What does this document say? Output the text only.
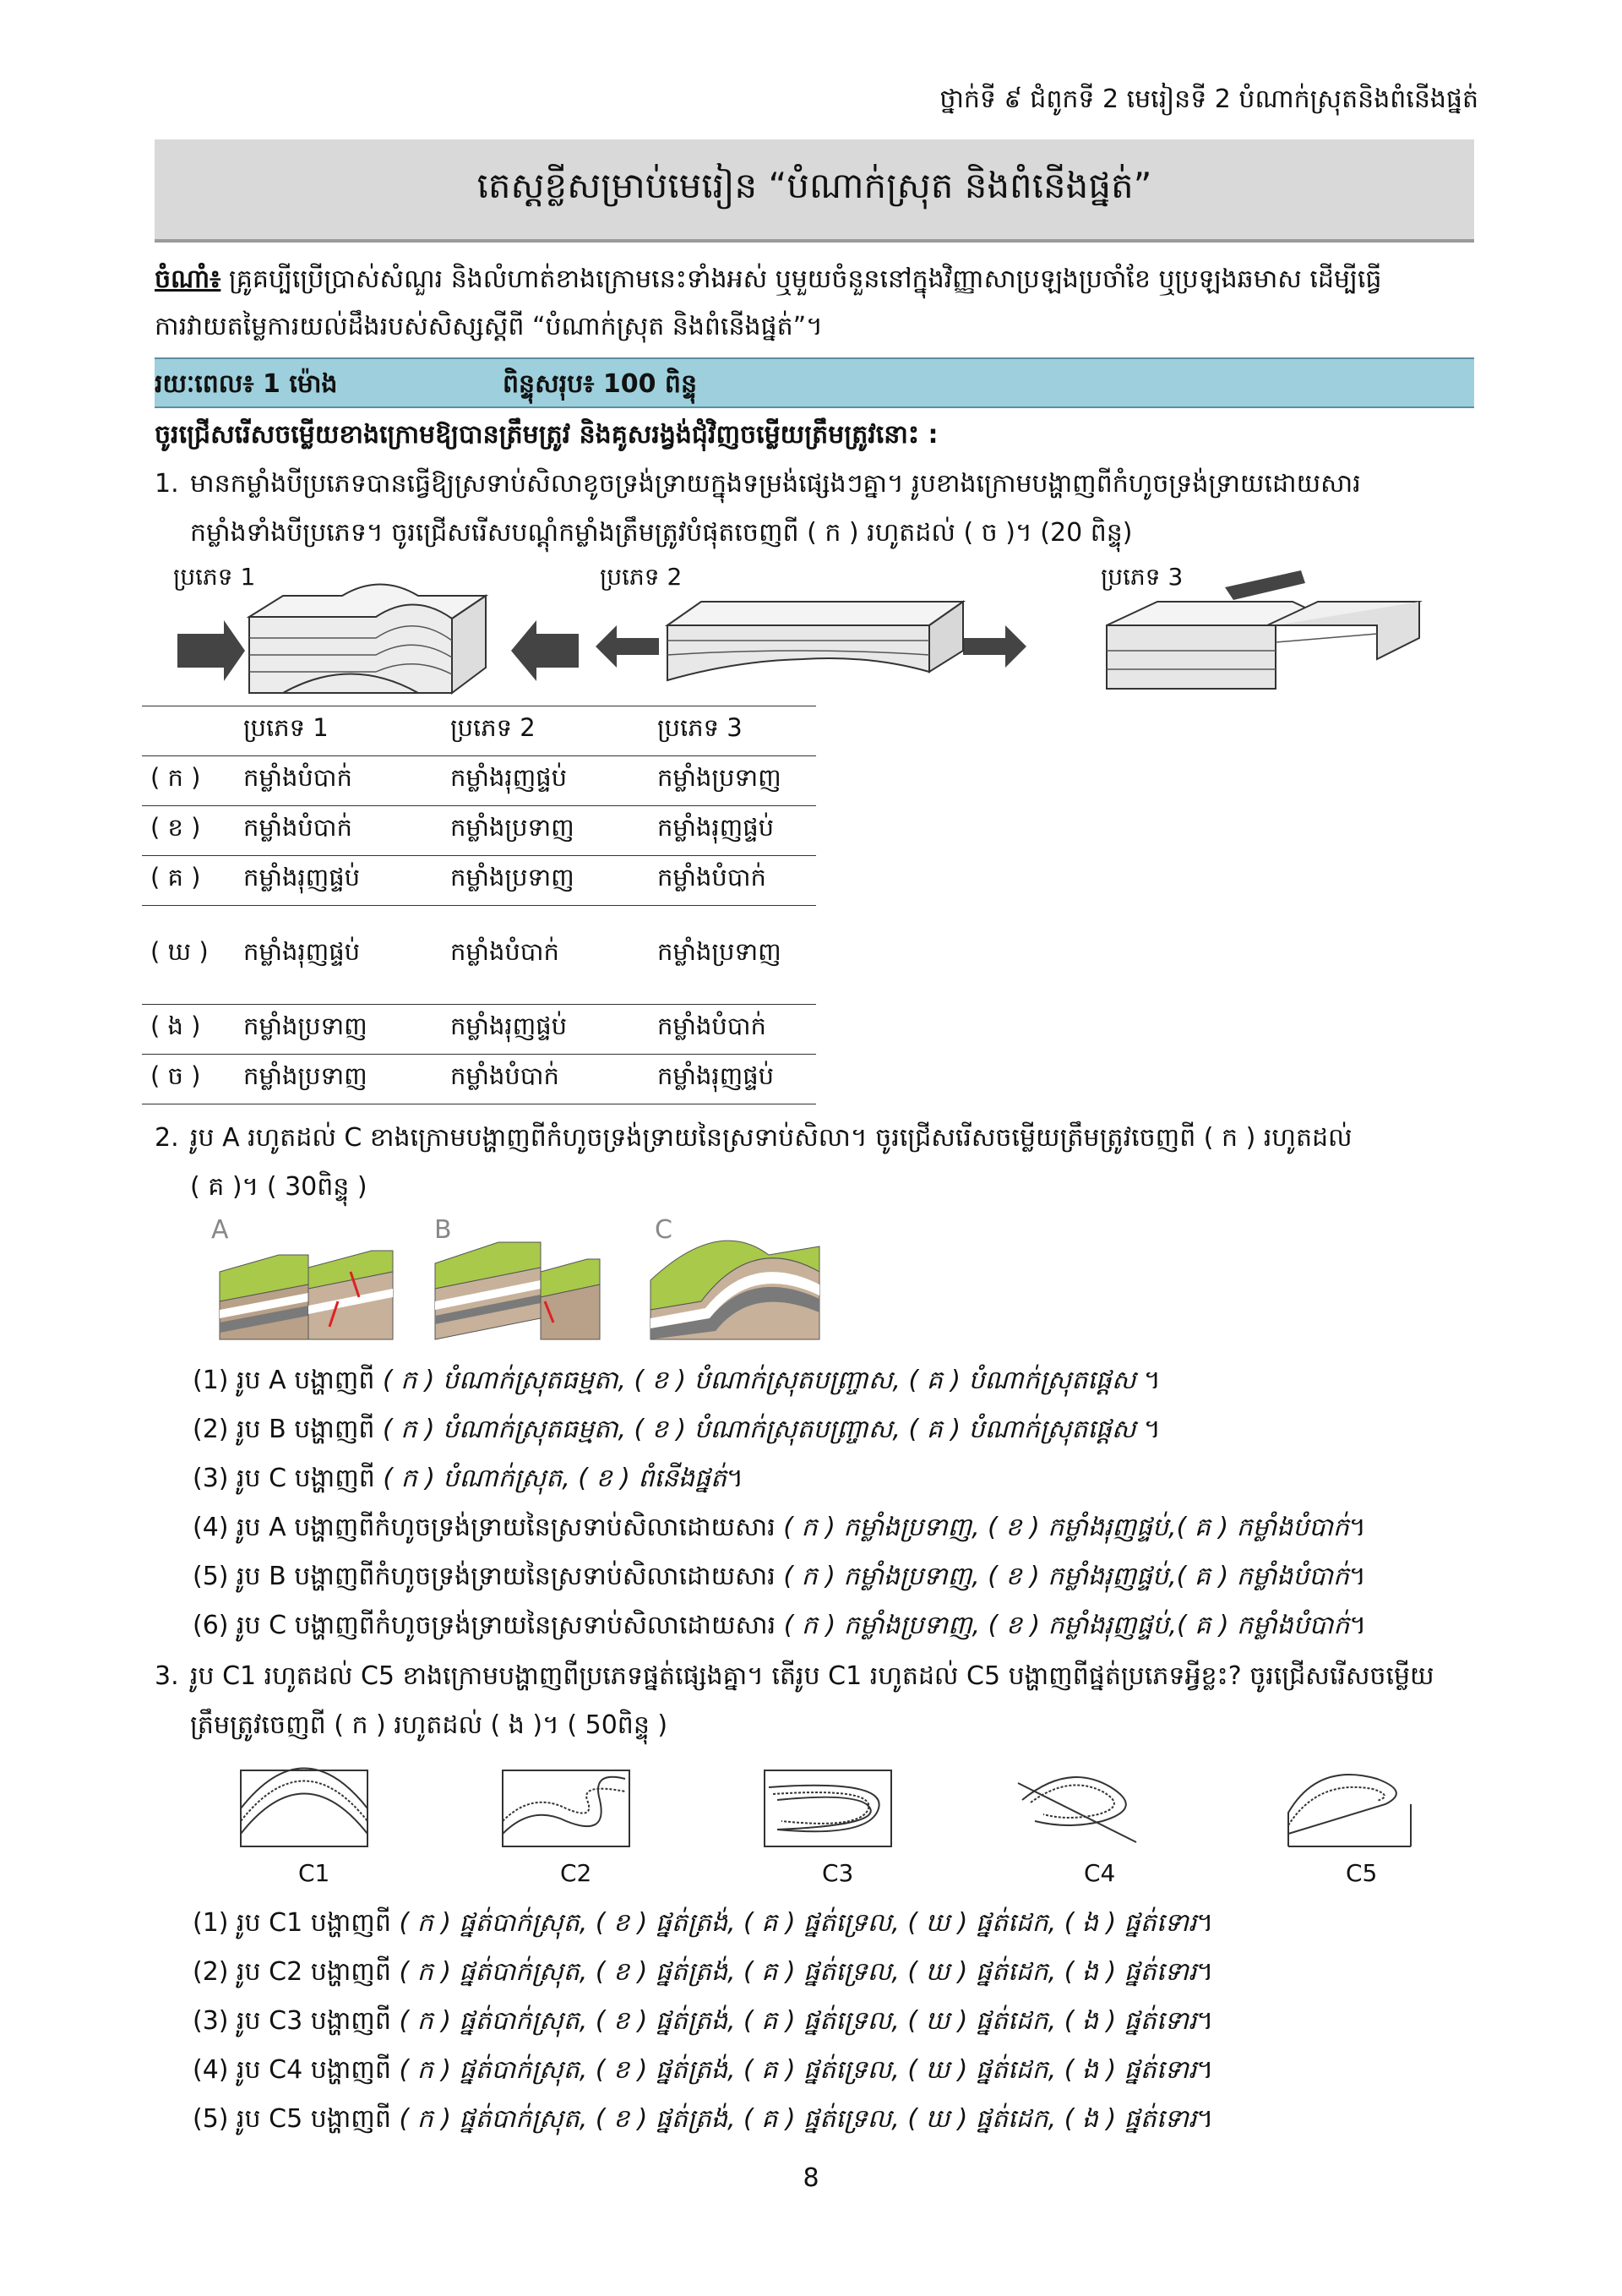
ថ្នាក់ទី ៩ ជំពូកទី 2 មេរៀនទី 2 បំណាក់ស្រុតនិងពំនើងផ្នត់
តេស្តខ្លីសម្រាប់មេរៀន “បំណាក់ស្រុត និងពំនើងផ្នត់”
ចំណាំ៖ គ្រូគប្បីប្រើប្រាស់សំណួរ និងលំហាត់ខាងក្រោមនេះទាំងអស់ ឬមួយចំនួននៅក្នុងវិញ្ញាសាប្រឡងប្រចាំខែ ឬប្រឡងឆមាស ដើម្បីធ្វើ
ការវាយតម្លៃការយល់ដឹងរបស់សិស្សស្ដីពី “បំណាក់ស្រុត និងពំនើងផ្នត់”។
រយៈពេល៖ 1 ម៉ោង	ពិន្ទុសរុប៖ 100 ពិន្ទុ
ចូរជ្រើសរើសចម្លើយខាងក្រោមឱ្យបានត្រឹមត្រូវ និងគូសរង្វង់ជុំវិញចម្លើយត្រឹមត្រូវនោះ :
1. មានកម្លាំងបីប្រភេទបានធ្វើឱ្យស្រទាប់សិលាខូចទ្រង់ទ្រាយក្នុងទម្រង់ផ្សេងៗគ្នា។ រូបខាងក្រោមបង្ហាញពីកំហូចទ្រង់ទ្រាយដោយសារ
កម្លាំងទាំងបីប្រភេទ។ ចូរជ្រើសរើសបណ្ដុំកម្លាំងត្រឹមត្រូវបំផុតចេញពី ( ក ) រហូតដល់ ( ច )។ (20 ពិន្ទុ)
ប្រភេទ 1	ប្រភេទ 2	ប្រភេទ 3
	ប្រភេទ 1	ប្រភេទ 2	ប្រភេទ 3
( ក )	កម្លាំងបំបាក់	កម្លាំងរុញផ្ទប់	កម្លាំងប្រទាញ
( ខ )	កម្លាំងបំបាក់	កម្លាំងប្រទាញ	កម្លាំងរុញផ្ទប់
( គ )	កម្លាំងរុញផ្ទប់	កម្លាំងប្រទាញ	កម្លាំងបំបាក់
( ឃ )	កម្លាំងរុញផ្ទប់	កម្លាំងបំបាក់	កម្លាំងប្រទាញ
( ង )	កម្លាំងប្រទាញ	កម្លាំងរុញផ្ទប់	កម្លាំងបំបាក់
( ច )	កម្លាំងប្រទាញ	កម្លាំងបំបាក់	កម្លាំងរុញផ្ទប់
2. រូប A រហូតដល់ C ខាងក្រោមបង្ហាញពីកំហូចទ្រង់ទ្រាយនៃស្រទាប់សិលា។ ចូរជ្រើសរើសចម្លើយត្រឹមត្រូវចេញពី ( ក ) រហូតដល់
( គ )។ ( 30ពិន្ទុ )
A	B	C
(1) រូប A បង្ហាញពី ( ក ) បំណាក់ស្រុតធម្មតា, ( ខ ) បំណាក់ស្រុតបញ្ច្រាស, ( គ ) បំណាក់ស្រុតផ្ដេស ។
(2) រូប B បង្ហាញពី ( ក ) បំណាក់ស្រុតធម្មតា, ( ខ ) បំណាក់ស្រុតបញ្ច្រាស, ( គ ) បំណាក់ស្រុតផ្ដេស ។
(3) រូប C បង្ហាញពី ( ក ) បំណាក់ស្រុត, ( ខ ) ពំនើងផ្នត់។
(4) រូប A បង្ហាញពីកំហូចទ្រង់ទ្រាយនៃស្រទាប់សិលាដោយសារ ( ក ) កម្លាំងប្រទាញ, ( ខ ) កម្លាំងរុញផ្ទប់,( គ ) កម្លាំងបំបាក់។
(5) រូប B បង្ហាញពីកំហូចទ្រង់ទ្រាយនៃស្រទាប់សិលាដោយសារ ( ក ) កម្លាំងប្រទាញ, ( ខ ) កម្លាំងរុញផ្ទប់,( គ ) កម្លាំងបំបាក់។
(6) រូប C បង្ហាញពីកំហូចទ្រង់ទ្រាយនៃស្រទាប់សិលាដោយសារ ( ក ) កម្លាំងប្រទាញ, ( ខ ) កម្លាំងរុញផ្ទប់,( គ ) កម្លាំងបំបាក់។
3. រូប C1 រហូតដល់ C5 ខាងក្រោមបង្ហាញពីប្រភេទផ្នត់ផ្សេងគ្នា។ តើរូប C1 រហូតដល់ C5 បង្ហាញពីផ្នត់ប្រភេទអ្វីខ្លះ? ចូរជ្រើសរើសចម្លើយ
ត្រឹមត្រូវចេញពី ( ក ) រហូតដល់ ( ង )។ ( 50ពិន្ទុ )
C1	C2	C3	C4	C5
(1) រូប C1 បង្ហាញពី ( ក ) ផ្នត់បាក់ស្រុត, ( ខ ) ផ្នត់ត្រង់, ( គ ) ផ្នត់ទ្រេល, ( ឃ ) ផ្នត់ដេក, ( ង ) ផ្នត់ទោរ។
(2) រូប C2 បង្ហាញពី ( ក ) ផ្នត់បាក់ស្រុត, ( ខ ) ផ្នត់ត្រង់, ( គ ) ផ្នត់ទ្រេល, ( ឃ ) ផ្នត់ដេក, ( ង ) ផ្នត់ទោរ។
(3) រូប C3 បង្ហាញពី ( ក ) ផ្នត់បាក់ស្រុត, ( ខ ) ផ្នត់ត្រង់, ( គ ) ផ្នត់ទ្រេល, ( ឃ ) ផ្នត់ដេក, ( ង ) ផ្នត់ទោរ។
(4) រូប C4 បង្ហាញពី ( ក ) ផ្នត់បាក់ស្រុត, ( ខ ) ផ្នត់ត្រង់, ( គ ) ផ្នត់ទ្រេល, ( ឃ ) ផ្នត់ដេក, ( ង ) ផ្នត់ទោរ។
(5) រូប C5 បង្ហាញពី ( ក ) ផ្នត់បាក់ស្រុត, ( ខ ) ផ្នត់ត្រង់, ( គ ) ផ្នត់ទ្រេល, ( ឃ ) ផ្នត់ដេក, ( ង ) ផ្នត់ទោរ។
8
